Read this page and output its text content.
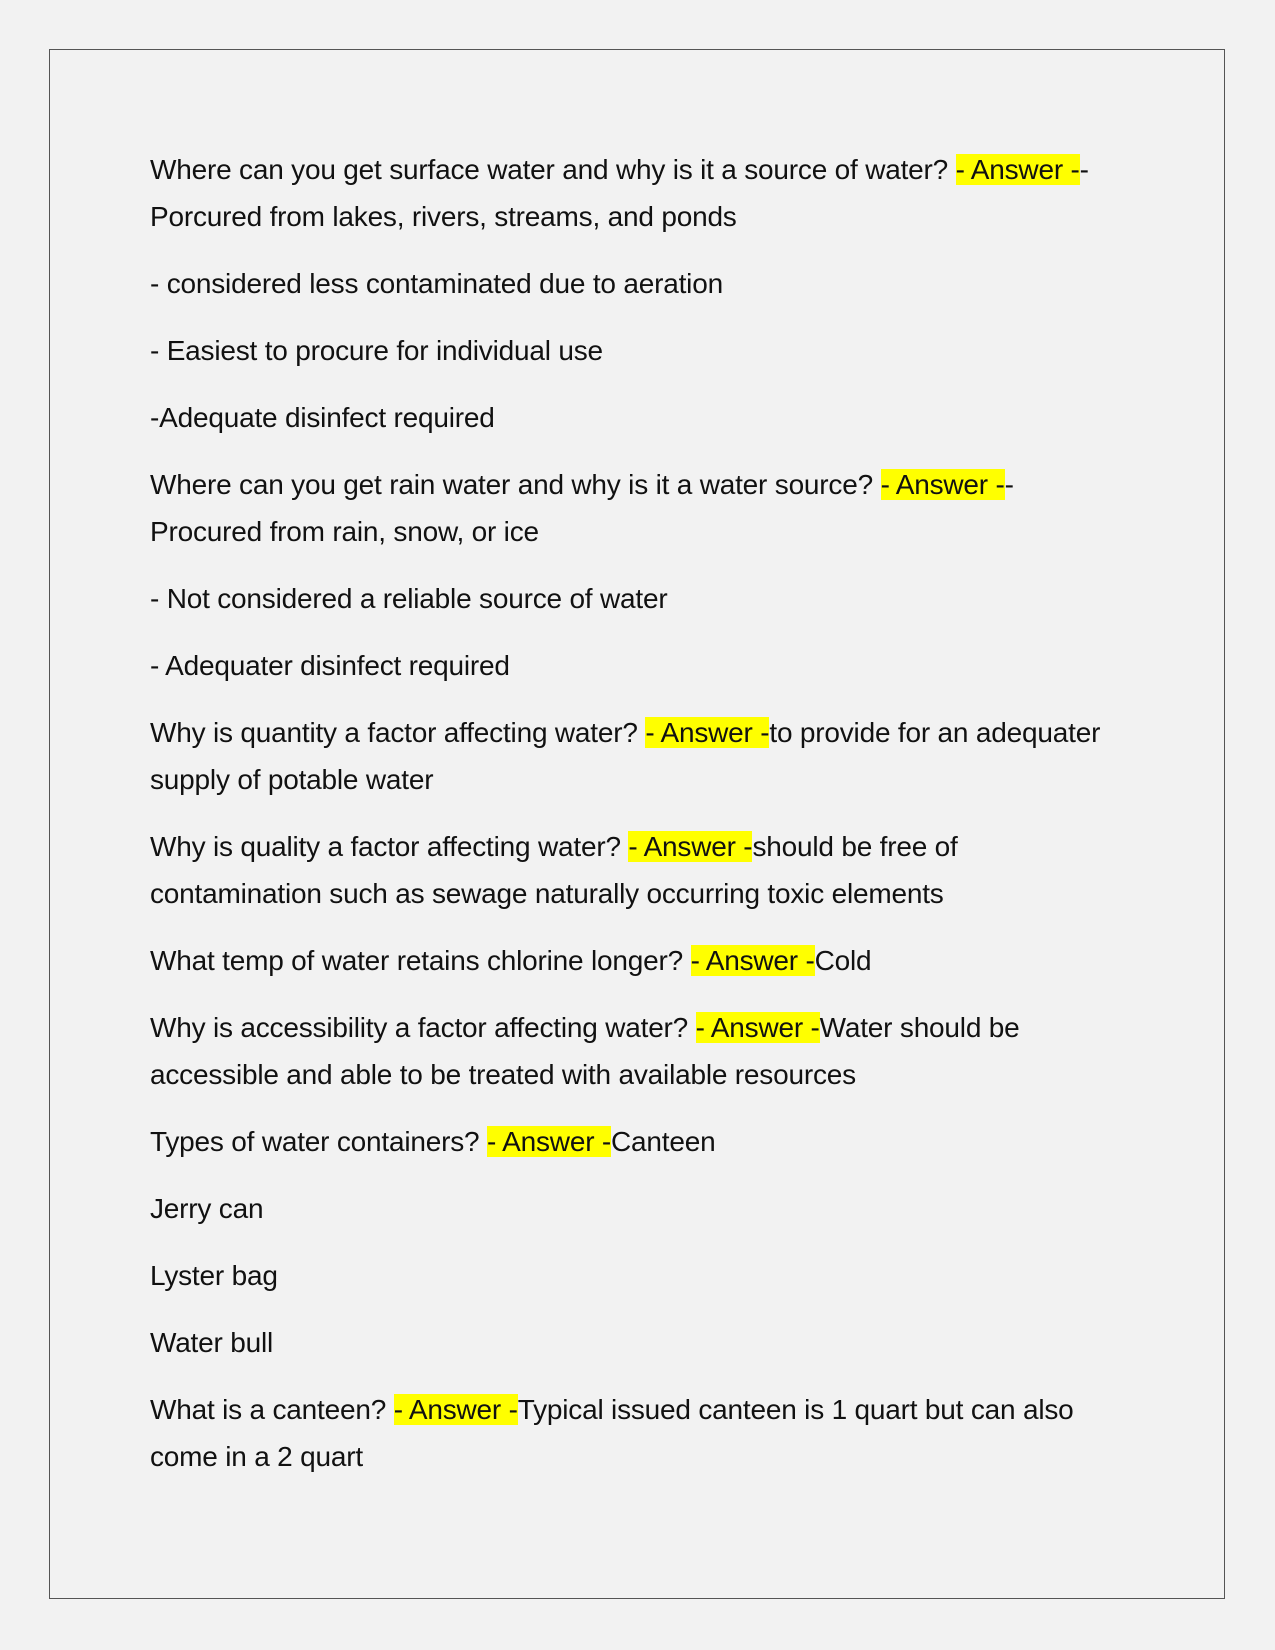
Where can you get surface water and why is it a source of water? - Answer -- Porcured from lakes, rivers, streams, and ponds

- considered less contaminated due to aeration

- Easiest to procure for individual use

-Adequate disinfect required

Where can you get rain water and why is it a water source? - Answer -- Procured from rain, snow, or ice

- Not considered a reliable source of water

- Adequater disinfect required

Why is quantity a factor affecting water? - Answer -to provide for an adequater supply of potable water

Why is quality a factor affecting water? - Answer -should be free of contamination such as sewage naturally occurring toxic elements

What temp of water retains chlorine longer? - Answer -Cold

Why is accessibility a factor affecting water? - Answer -Water should be accessible and able to be treated with available resources

Types of water containers? - Answer -Canteen

Jerry can

Lyster bag

Water bull

What is a canteen? - Answer -Typical issued canteen is 1 quart but can also come in a 2 quart
